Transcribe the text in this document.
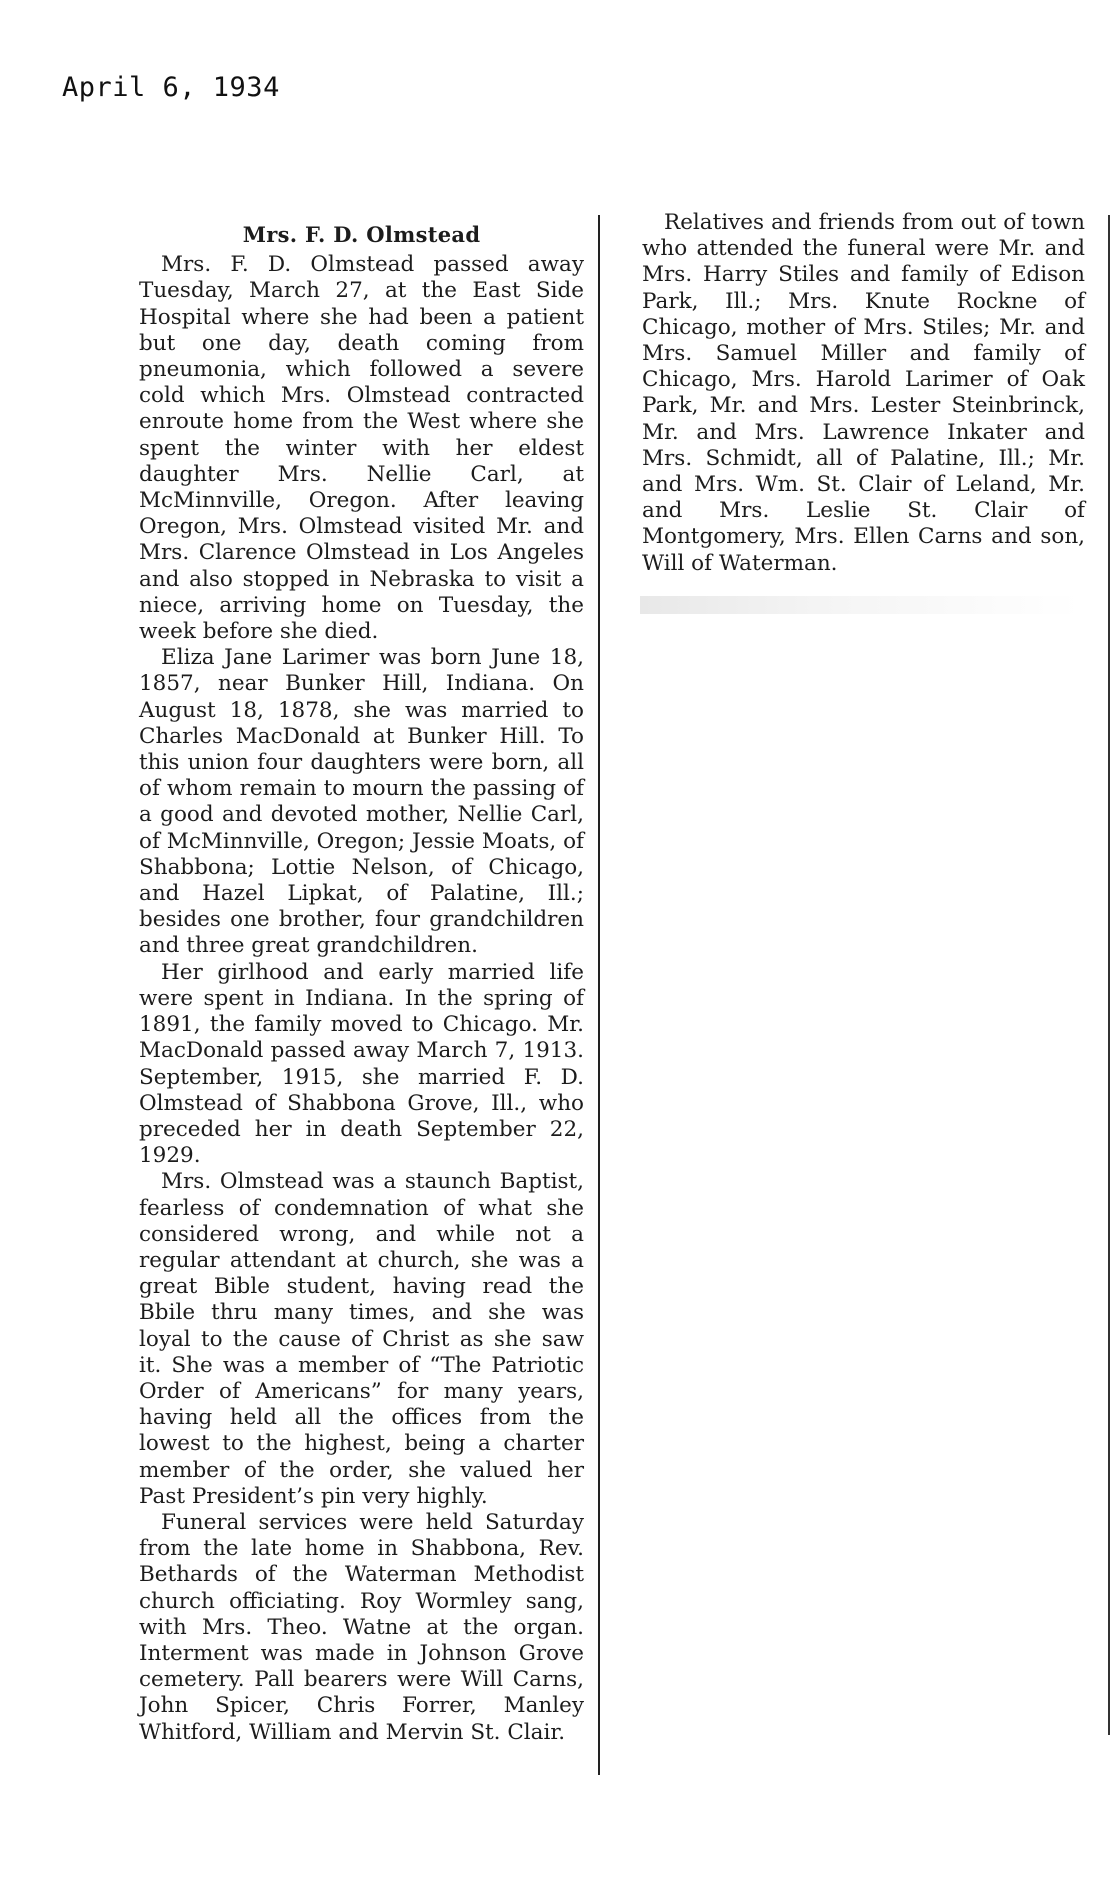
April 6, 1934
Mrs. F. D. Olmstead

Mrs. F. D. Olmstead passed away Tuesday, March 27, at the East Side Hospital where she had been a patient but one day, death coming from pneumonia, which followed a severe cold which Mrs. Olmstead contracted enroute home from the West where she spent the winter with her eldest daughter Mrs. Nellie Carl, at McMinnville, Oregon. After leaving Oregon, Mrs. Olmstead visited Mr. and Mrs. Clarence Olmstead in Los Angeles and also stopped in Nebraska to visit a niece, arriving home on Tuesday, the week before she died.

Eliza Jane Larimer was born June 18, 1857, near Bunker Hill, Indiana. On August 18, 1878, she was married to Charles MacDonald at Bunker Hill. To this union four daughters were born, all of whom remain to mourn the passing of a good and devoted mother, Nellie Carl, of McMinnville, Oregon; Jessie Moats, of Shabbona; Lottie Nelson, of Chicago, and Hazel Lipkat, of Palatine, Ill.; besides one brother, four grandchildren and three great grandchildren.

Her girlhood and early married life were spent in Indiana. In the spring of 1891, the family moved to Chicago. Mr. MacDonald passed away March 7, 1913. September, 1915, she married F. D. Olmstead of Shabbona Grove, Ill., who preceded her in death September 22, 1929.

Mrs. Olmstead was a staunch Baptist, fearless of condemnation of what she considered wrong, and while not a regular attendant at church, she was a great Bible student, having read the Bbile thru many times, and she was loyal to the cause of Christ as she saw it. She was a member of “The Patriotic Order of Americans” for many years, having held all the offices from the lowest to the highest, being a charter member of the order, she valued her Past President’s pin very highly.

Funeral services were held Saturday from the late home in Shabbona, Rev. Bethards of the Waterman Methodist church officiating. Roy Wormley sang, with Mrs. Theo. Watne at the organ. Interment was made in Johnson Grove cemetery. Pall bearers were Will Carns, John Spicer, Chris Forrer, Manley Whitford, William and Mervin St. Clair.

Relatives and friends from out of town who attended the funeral were Mr. and Mrs. Harry Stiles and family of Edison Park, Ill.; Mrs. Knute Rockne of Chicago, mother of Mrs. Stiles; Mr. and Mrs. Samuel Miller and family of Chicago, Mrs. Harold Larimer of Oak Park, Mr. and Mrs. Lester Steinbrinck, Mr. and Mrs. Lawrence Inkater and Mrs. Schmidt, all of Palatine, Ill.; Mr. and Mrs. Wm. St. Clair of Leland, Mr. and Mrs. Leslie St. Clair of Montgomery, Mrs. Ellen Carns and son, Will of Waterman.
